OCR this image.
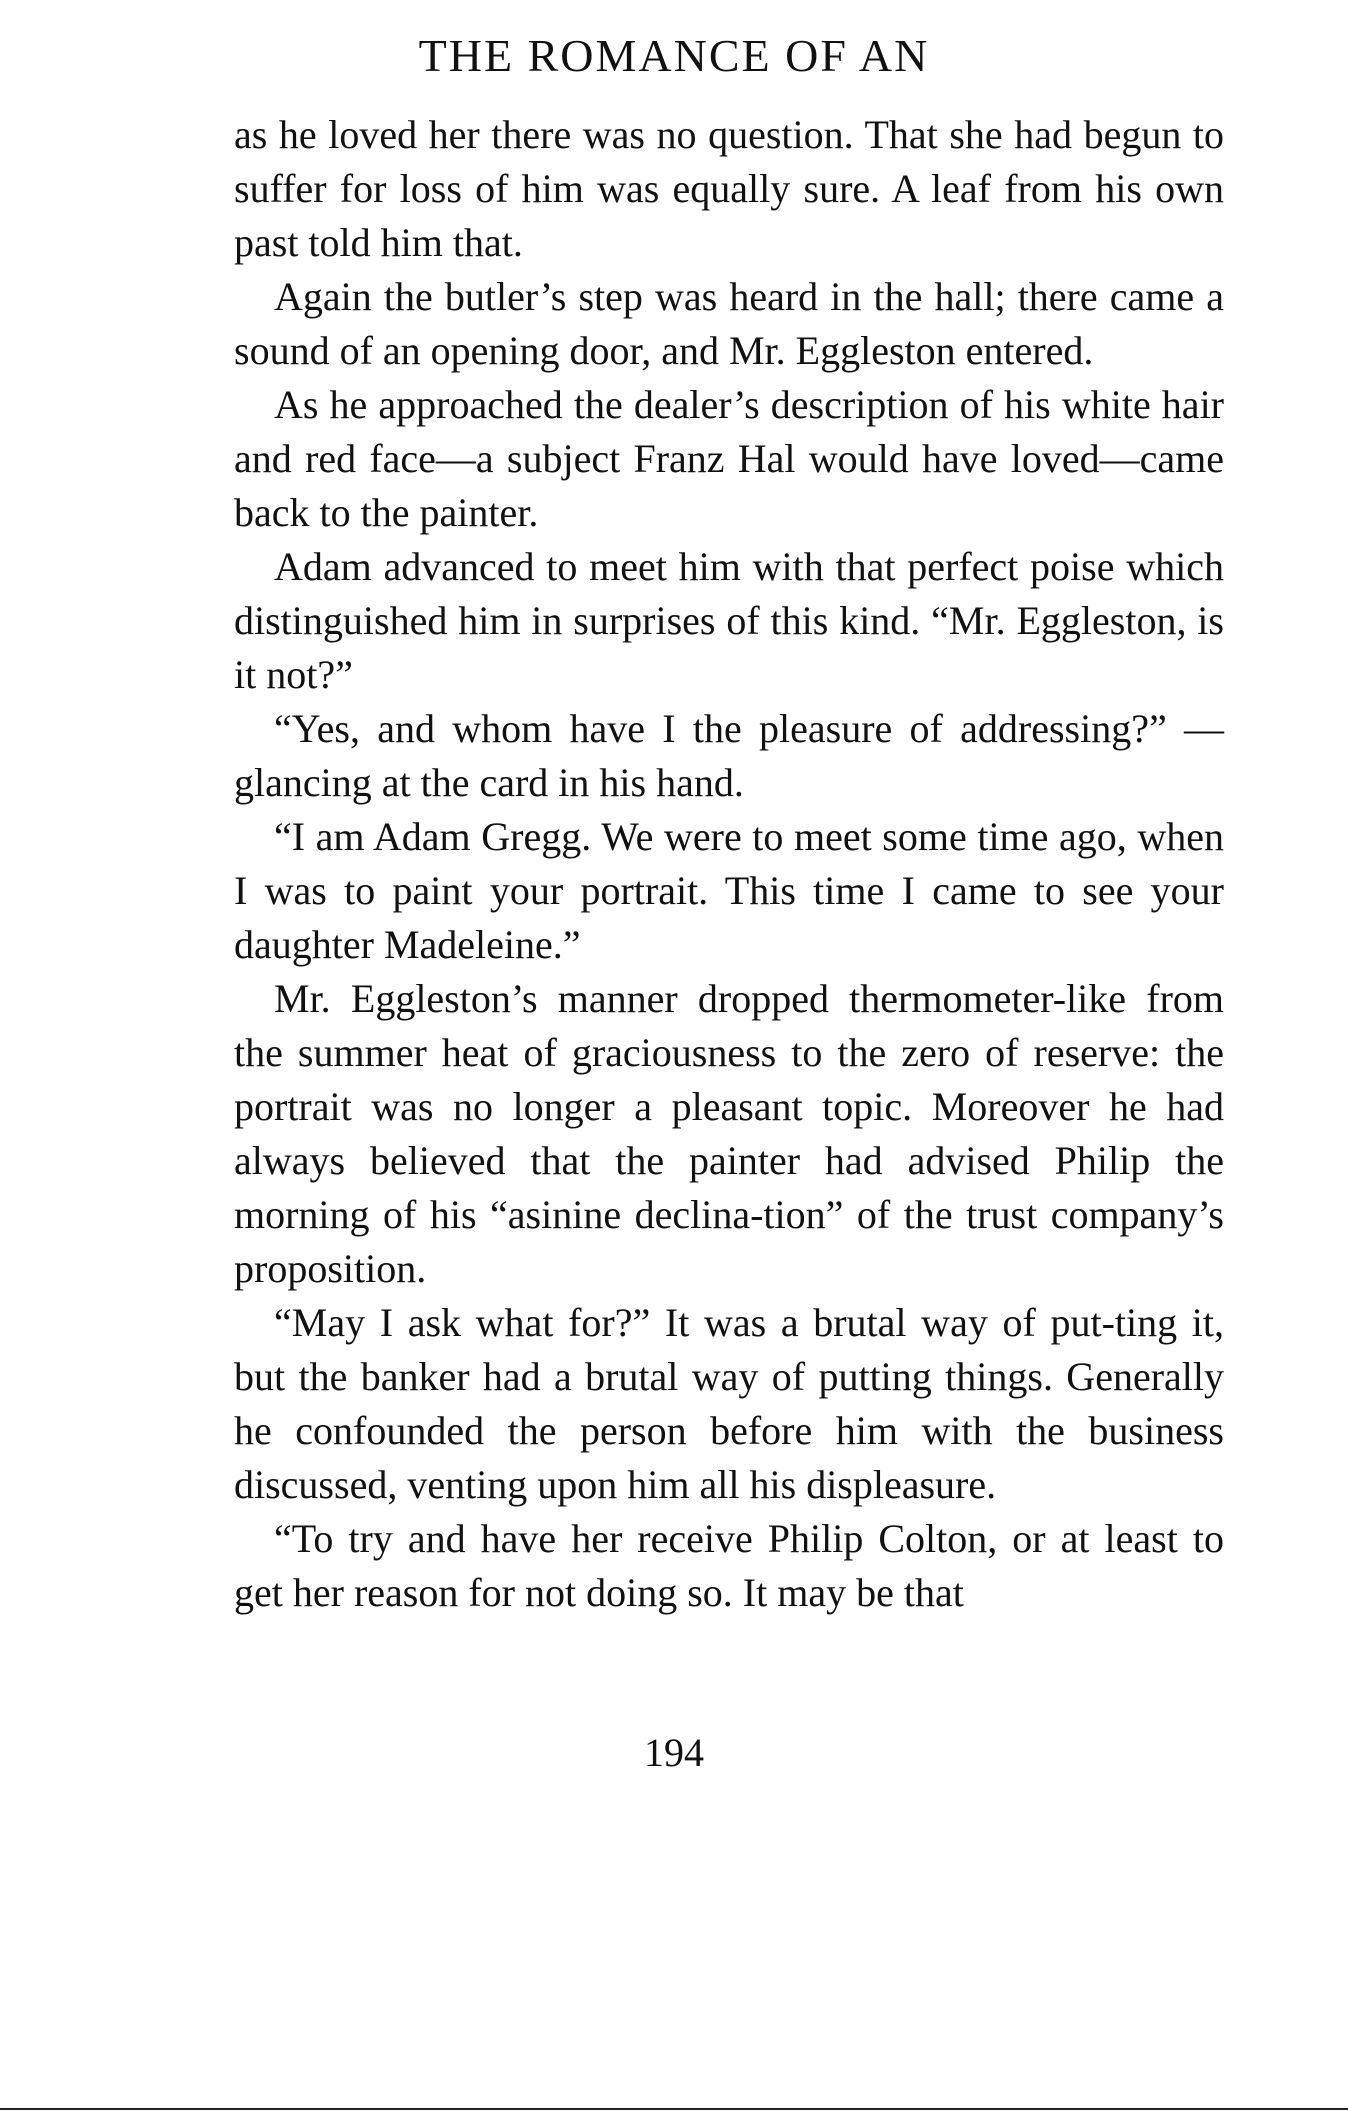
THE ROMANCE OF AN

as he loved her there was no question. That she had begun to suffer for loss of him was equally sure. A leaf from his own past told him that.

Again the butler’s step was heard in the hall; there came a sound of an opening door, and Mr. Eggleston entered.

As he approached the dealer’s description of his white hair and red face—a subject Franz Hal would have loved—came back to the painter.

Adam advanced to meet him with that perfect poise which distinguished him in surprises of this kind. “Mr. Eggleston, is it not?”

“Yes, and whom have I the pleasure of addressing?” —glancing at the card in his hand.

“I am Adam Gregg. We were to meet some time ago, when I was to paint your portrait. This time I came to see your daughter Madeleine.”

Mr. Eggleston’s manner dropped thermometer-like from the summer heat of graciousness to the zero of reserve: the portrait was no longer a pleasant topic. Moreover he had always believed that the painter had advised Philip the morning of his “asinine declina-tion” of the trust company’s proposition.

“May I ask what for?” It was a brutal way of put-ting it, but the banker had a brutal way of putting things. Generally he confounded the person before him with the business discussed, venting upon him all his displeasure.

“To try and have her receive Philip Colton, or at least to get her reason for not doing so. It may be that

194
